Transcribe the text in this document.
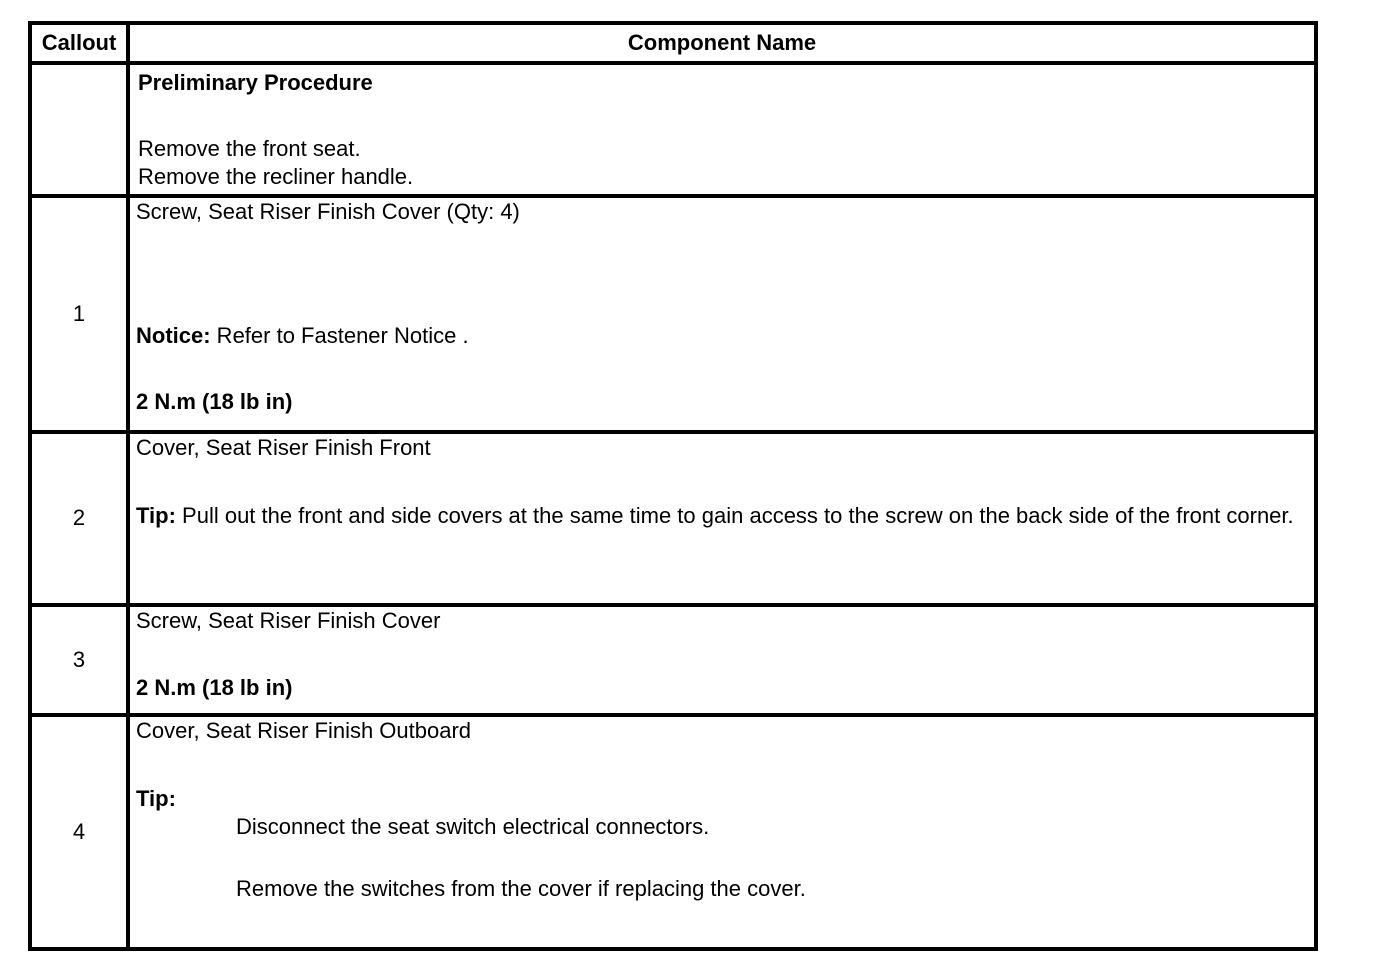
Callout	Component Name

	Preliminary Procedure
Remove the front seat.
Remove the recliner handle.

1	Screw, Seat Riser Finish Cover (Qty: 4)
Notice: Refer to Fastener Notice .
2 N.m (18 lb in)

2	Cover, Seat Riser Finish Front
Tip: Pull out the front and side covers at the same time to gain access to the screw on the back side of the front corner.

3	Screw, Seat Riser Finish Cover
2 N.m (18 lb in)

4	Cover, Seat Riser Finish Outboard
Tip:
Disconnect the seat switch electrical connectors.
Remove the switches from the cover if replacing the cover.
